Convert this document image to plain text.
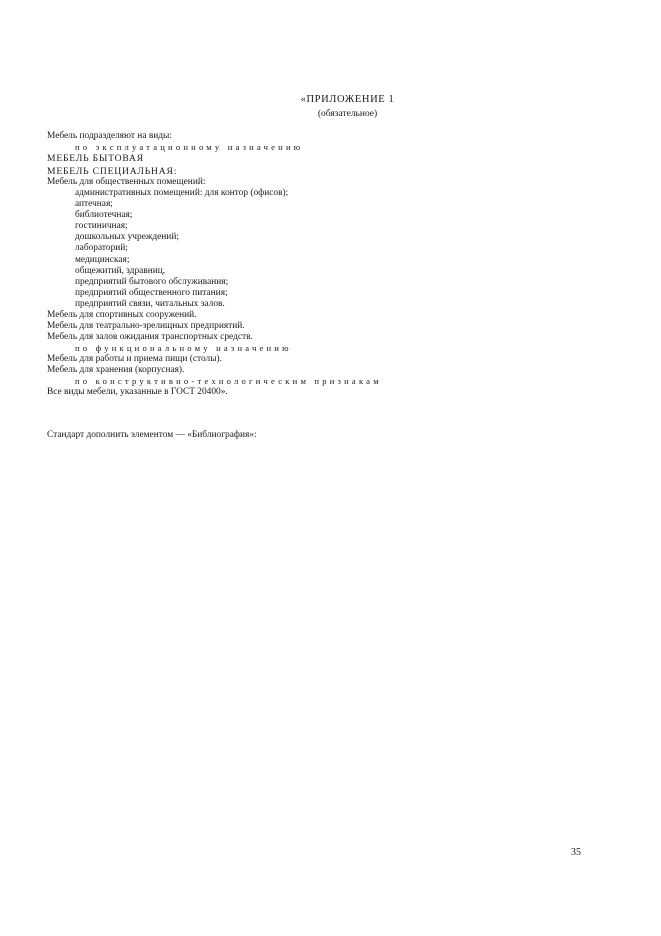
«ПРИЛОЖЕНИЕ 1
(обязательное)
Мебель подразделяют на виды:
по эксплуатационному назначению
МЕБЕЛЬ БЫТОВАЯ
МЕБЕЛЬ СПЕЦИАЛЬНАЯ:
Мебель для общественных помещений:
административных помещений: для контор (офисов);
аптечная;
библиотечная;
гостиничная;
дошкольных учреждений;
лабораторий;
медицинская;
общежитий, здравниц,
предприятий бытового обслуживания;
предприятий общественного питания;
предприятий связи, читальных залов.
Мебель для спортивных сооружений.
Мебель для театрально-зрелищных предприятий.
Мебель для залов ожидания транспортных средств.
по функциональному назначению
Мебель для работы и приема пищи (столы).
Мебель для хранения (корпусная).
по конструктивно-технологическим признакам
Все виды мебели, указанные в ГОСТ 20400».
Стандарт дополнить элементом — «Библиография»:
35
